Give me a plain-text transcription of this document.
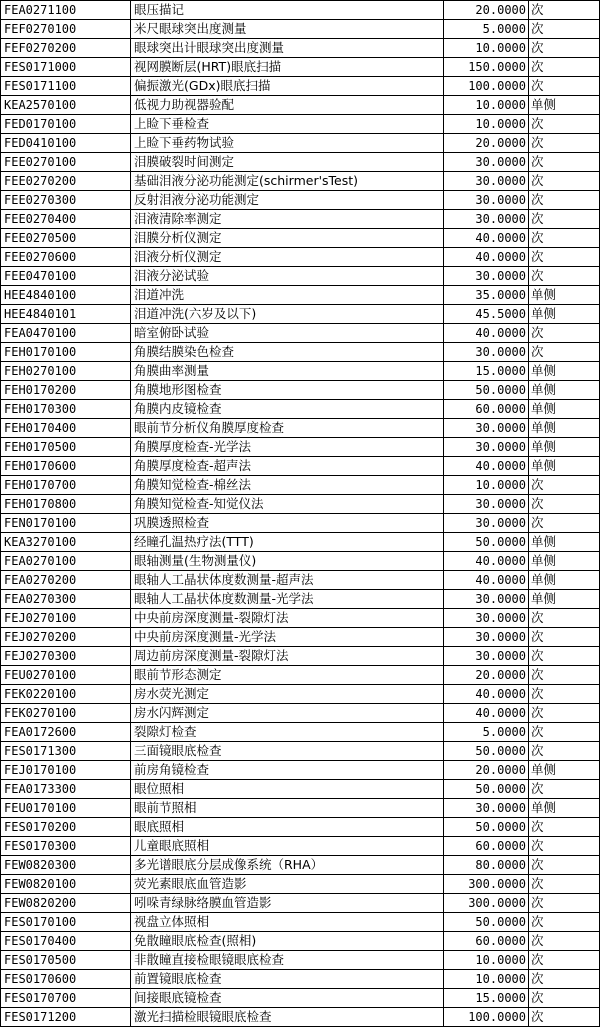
FEA0271100	眼压描记	20.0000	次
FEF0270100	米尺眼球突出度测量	5.0000	次
FEF0270200	眼球突出计眼球突出度测量	10.0000	次
FES0171000	视网膜断层(HRT)眼底扫描	150.0000	次
FES0171100	偏振激光(GDx)眼底扫描	100.0000	次
KEA2570100	低视力助视器验配	10.0000	单侧
FED0170100	上睑下垂检查	10.0000	次
FED0410100	上睑下垂药物试验	20.0000	次
FEE0270100	泪膜破裂时间测定	30.0000	次
FEE0270200	基础泪液分泌功能测定(schirmer'sTest)	30.0000	次
FEE0270300	反射泪液分泌功能测定	30.0000	次
FEE0270400	泪液清除率测定	30.0000	次
FEE0270500	泪膜分析仪测定	40.0000	次
FEE0270600	泪液分析仪测定	40.0000	次
FEE0470100	泪液分泌试验	30.0000	次
HEE4840100	泪道冲洗	35.0000	单侧
HEE4840101	泪道冲洗(六岁及以下)	45.5000	单侧
FEA0470100	暗室俯卧试验	40.0000	次
FEH0170100	角膜结膜染色检查	30.0000	次
FEH0270100	角膜曲率测量	15.0000	单侧
FEH0170200	角膜地形图检查	50.0000	单侧
FEH0170300	角膜内皮镜检查	60.0000	单侧
FEH0170400	眼前节分析仪角膜厚度检查	30.0000	单侧
FEH0170500	角膜厚度检查-光学法	30.0000	单侧
FEH0170600	角膜厚度检查-超声法	40.0000	单侧
FEH0170700	角膜知觉检查-棉丝法	10.0000	次
FEH0170800	角膜知觉检查-知觉仪法	30.0000	次
FEN0170100	巩膜透照检查	30.0000	次
KEA3270100	经瞳孔温热疗法(TTT)	50.0000	单侧
FEA0270100	眼轴测量(生物测量仪)	40.0000	单侧
FEA0270200	眼轴人工晶状体度数测量-超声法	40.0000	单侧
FEA0270300	眼轴人工晶状体度数测量-光学法	30.0000	单侧
FEJ0270100	中央前房深度测量-裂隙灯法	30.0000	次
FEJ0270200	中央前房深度测量-光学法	30.0000	次
FEJ0270300	周边前房深度测量-裂隙灯法	30.0000	次
FEU0270100	眼前节形态测定	20.0000	次
FEK0220100	房水荧光测定	40.0000	次
FEK0270100	房水闪辉测定	40.0000	次
FEA0172600	裂隙灯检查	5.0000	次
FES0171300	三面镜眼底检查	50.0000	次
FEJ0170100	前房角镜检查	20.0000	单侧
FEA0173300	眼位照相	50.0000	次
FEU0170100	眼前节照相	30.0000	单侧
FES0170200	眼底照相	50.0000	次
FES0170300	儿童眼底照相	60.0000	次
FEW0820300	多光谱眼底分层成像系统（RHA）	80.0000	次
FEW0820100	荧光素眼底血管造影	300.0000	次
FEW0820200	吲哚青绿脉络膜血管造影	300.0000	次
FES0170100	视盘立体照相	50.0000	次
FES0170400	免散瞳眼底检查(照相)	60.0000	次
FES0170500	非散瞳直接检眼镜眼底检查	10.0000	次
FES0170600	前置镜眼底检查	10.0000	次
FES0170700	间接眼底镜检查	15.0000	次
FES0171200	激光扫描检眼镜眼底检查	100.0000	次
